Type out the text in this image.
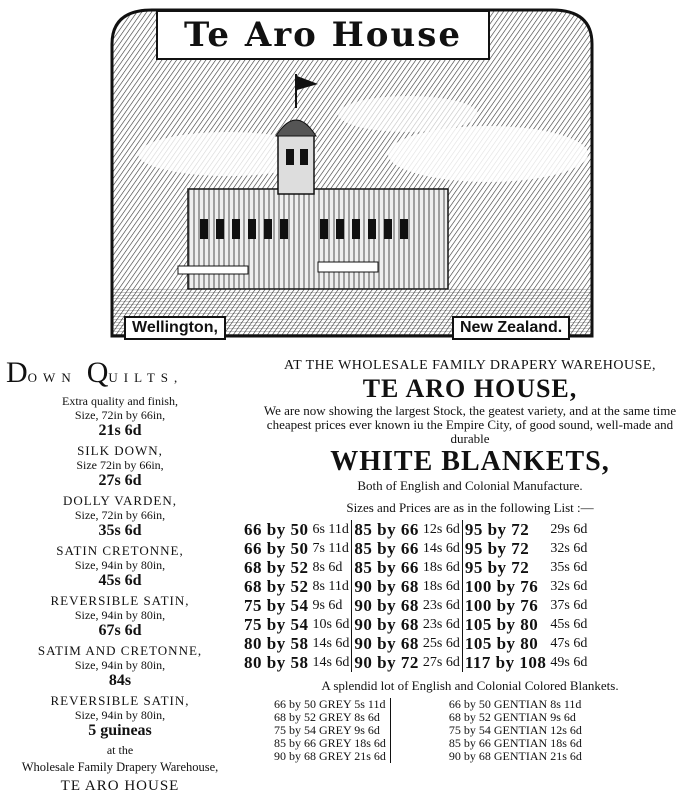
Te Aro House
Wellington,	New Zealand.
DOWN QUILTS,
Extra quality and finish,
Size, 72in by 66in,
21s 6d
SILK DOWN,
Size 72in by 66in,
27s 6d
DOLLY VARDEN,
Size, 72in by 66in,
35s 6d
SATIN CRETONNE,
Size, 94in by 80in,
45s 6d
REVERSIBLE SATIN,
Size, 94in by 80in,
67s 6d
SATIM AND CRETONNE,
Size, 94in by 80in,
84s
REVERSIBLE SATIN,
Size, 94in by 80in,
5 guineas
at the
Wholesale Family Drapery Warehouse,
TE ARO HOUSE
AT THE WHOLESALE FAMILY DRAPERY WAREHOUSE,
TE ARO HOUSE,
We are now showing the largest Stock, the geatest variety, and at the same time cheapest prices ever known iu the Empire City, of good sound, well-made and durable
WHITE BLANKETS,
Both of English and Colonial Manufacture.
Sizes and Prices are as in the following List :—
66 by 50	6s 11d		85 by 66	12s 6d		95 by 72	29s 6d
66 by 50	7s 11d		85 by 66	14s 6d		95 by 72	32s 6d
68 by 52	8s 6d		85 by 66	18s 6d		95 by 72	35s 6d
68 by 52	8s 11d		90 by 68	18s 6d		100 by 76	32s 6d
75 by 54	9s 6d		90 by 68	23s 6d		100 by 76	37s 6d
75 by 54	10s 6d		90 by 68	23s 6d		105 by 80	45s 6d
80 by 58	14s 6d		90 by 68	25s 6d		105 by 80	47s 6d
80 by 58	14s 6d		90 by 72	27s 6d		117 by 108	49s 6d
A splendid lot of English and Colonial Colored Blankets.
66 by 50 GREY 5s 11d		66 by 50 GENTIAN 8s 11d
68 by 52 GREY 8s 6d		68 by 52 GENTIAN 9s 6d
75 by 54 GREY 9s 6d		75 by 54 GENTIAN 12s 6d
85 by 66 GREY 18s 6d		85 by 66 GENTIAN 18s 6d
90 by 68 GREY 21s 6d		90 by 68 GENTIAN 21s 6d
